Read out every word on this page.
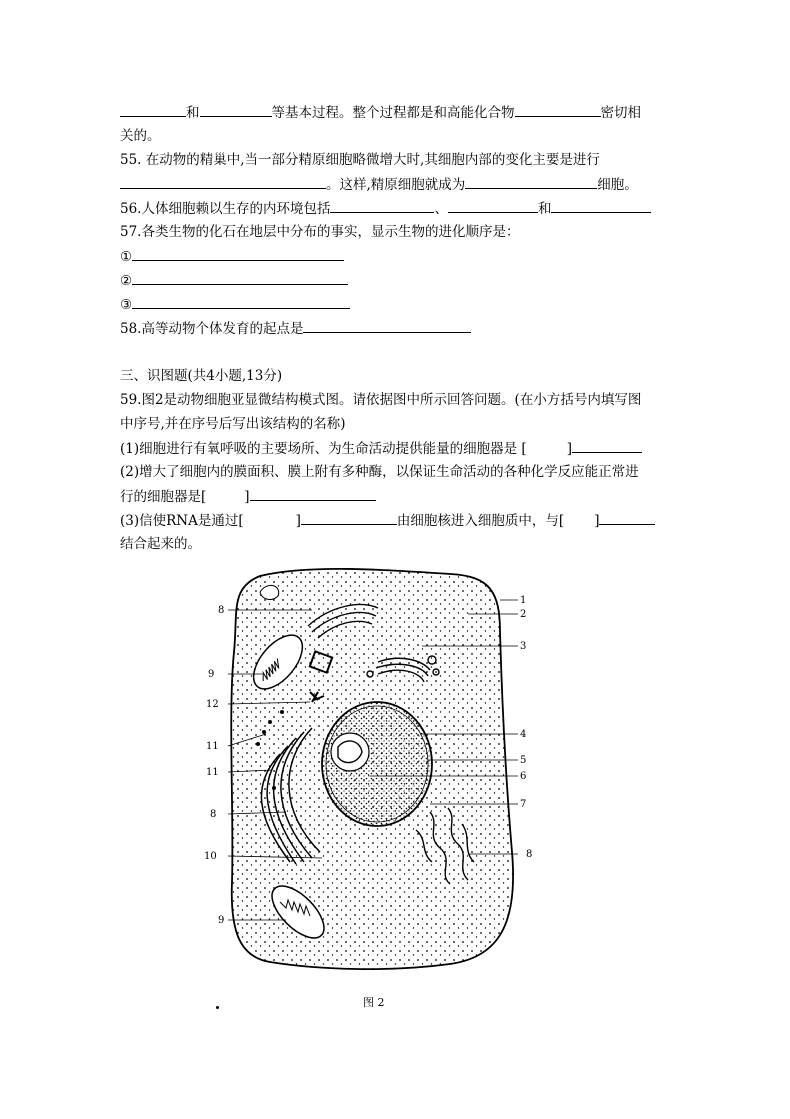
和	等基本过程。整个过程都是和高能化合物	密切相
关的。
55. 在动物的精巢中,当一部分精原细胞略微增大时,其细胞内部的变化主要是进行
。这样,精原细胞就成为	细胞。
56.人体细胞赖以生存的内环境包括	、	和
57.各类生物的化石在地层中分布的事实，显示生物的进化顺序是：
①
②
③
58.高等动物个体发育的起点是
三、识图题(共4小题,13分)
59.图2是动物细胞亚显微结构模式图。请依据图中所示回答问题。(在小方括号内填写图
中序号,并在序号后写出该结构的名称)
(1)细胞进行有氧呼吸的主要场所、为生命活动提供能量的细胞器是 [	]
(2)增大了细胞内的膜面积、膜上附有多种酶，以保证生命活动的各种化学反应能正常进
行的细胞器是[	]
(3)信使RNA是通过[	]	由细胞核进入细胞质中，与[ ]
结合起来的。
8
9
12
11
11
8
10
9
1
2
3
4
5
6
7
8
图 2
